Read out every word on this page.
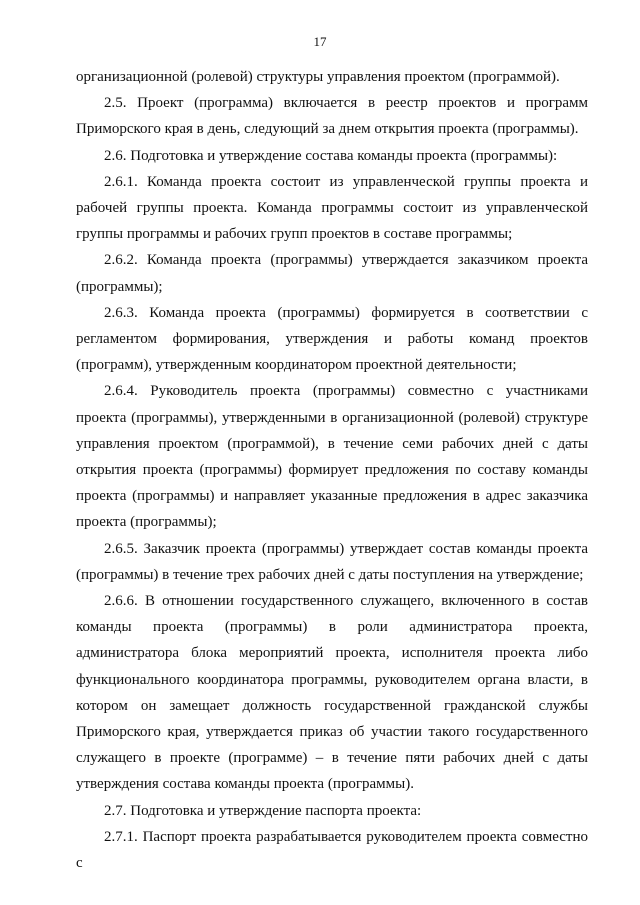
17

организационной (ролевой) структуры управления проектом (программой).

2.5. Проект (программа) включается в реестр проектов и программ Приморского края в день, следующий за днем открытия проекта (программы).

2.6. Подготовка и утверждение состава команды проекта (программы):

2.6.1. Команда проекта состоит из управленческой группы проекта и рабочей группы проекта. Команда программы состоит из управленческой группы программы и рабочих групп проектов в составе программы;

2.6.2. Команда проекта (программы) утверждается заказчиком проекта (программы);

2.6.3. Команда проекта (программы) формируется в соответствии с регламентом формирования, утверждения и работы команд проектов (программ), утвержденным координатором проектной деятельности;

2.6.4. Руководитель проекта (программы) совместно с участниками проекта (программы), утвержденными в организационной (ролевой) структуре управления проектом (программой), в течение семи рабочих дней с даты открытия проекта (программы) формирует предложения по составу команды проекта (программы) и направляет указанные предложения в адрес заказчика проекта (программы);

2.6.5. Заказчик проекта (программы) утверждает состав команды проекта (программы) в течение трех рабочих дней с даты поступления на утверждение;

2.6.6. В отношении государственного служащего, включенного в состав команды проекта (программы) в роли администратора проекта, администратора блока мероприятий проекта, исполнителя проекта либо функционального координатора программы, руководителем органа власти, в котором он замещает должность государственной гражданской службы Приморского края, утверждается приказ об участии такого государственного служащего в проекте (программе) – в течение пяти рабочих дней с даты утверждения состава команды проекта (программы).

2.7. Подготовка и утверждение паспорта проекта:

2.7.1. Паспорт проекта разрабатывается руководителем проекта совместно с
